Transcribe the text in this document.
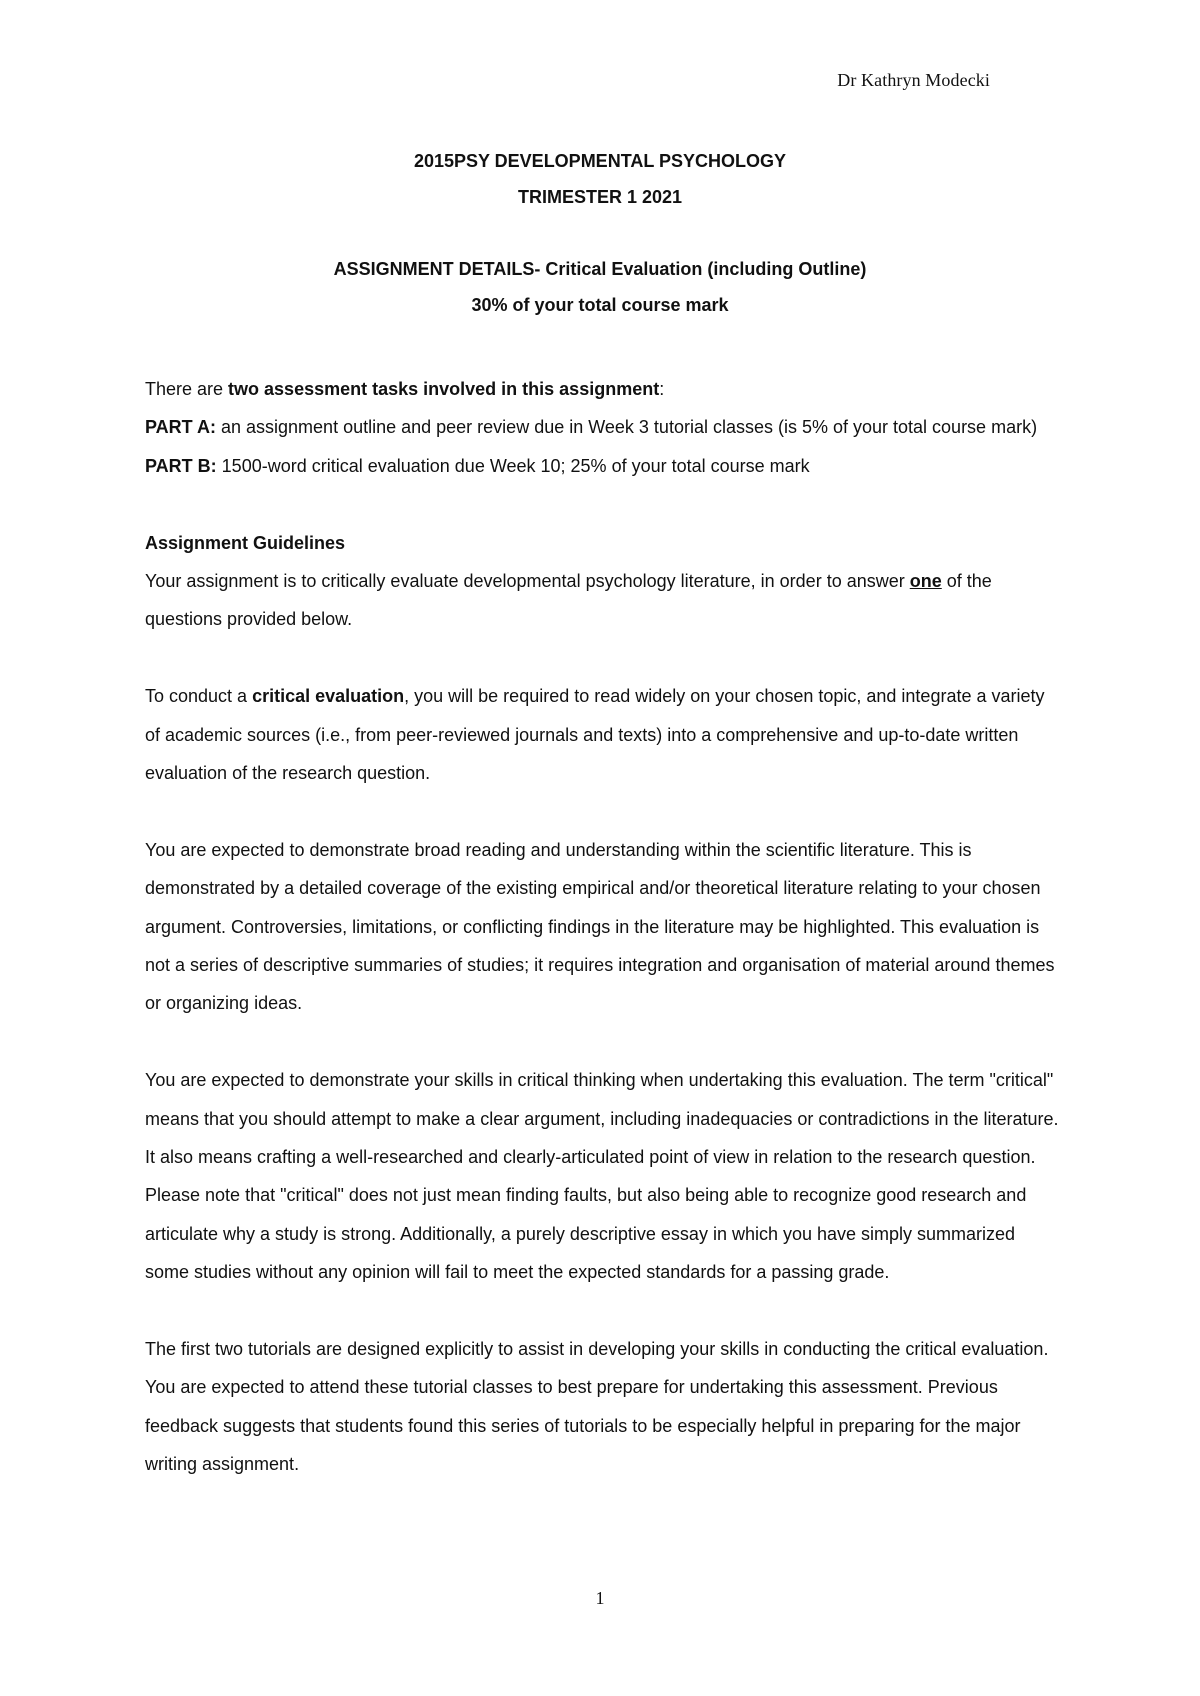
Dr Kathryn Modecki
2015PSY DEVELOPMENTAL PSYCHOLOGY
TRIMESTER 1 2021
ASSIGNMENT DETAILS- Critical Evaluation (including Outline)
30% of your total course mark

There are two assessment tasks involved in this assignment:

PART A: an assignment outline and peer review due in Week 3 tutorial classes (is 5% of your total course mark)

PART B: 1500-word critical evaluation due Week 10; 25% of your total course mark

Assignment Guidelines

Your assignment is to critically evaluate developmental psychology literature, in order to answer one of the questions provided below.

To conduct a critical evaluation, you will be required to read widely on your chosen topic, and integrate a variety of academic sources (i.e., from peer-reviewed journals and texts) into a comprehensive and up-to-date written evaluation of the research question.

You are expected to demonstrate broad reading and understanding within the scientific literature. This is demonstrated by a detailed coverage of the existing empirical and/or theoretical literature relating to your chosen argument. Controversies, limitations, or conflicting findings in the literature may be highlighted. This evaluation is not a series of descriptive summaries of studies; it requires integration and organisation of material around themes or organizing ideas.

You are expected to demonstrate your skills in critical thinking when undertaking this evaluation. The term "critical" means that you should attempt to make a clear argument, including inadequacies or contradictions in the literature. It also means crafting a well-researched and clearly-articulated point of view in relation to the research question. Please note that "critical" does not just mean finding faults, but also being able to recognize good research and articulate why a study is strong. Additionally, a purely descriptive essay in which you have simply summarized some studies without any opinion will fail to meet the expected standards for a passing grade.

The first two tutorials are designed explicitly to assist in developing your skills in conducting the critical evaluation. You are expected to attend these tutorial classes to best prepare for undertaking this assessment. Previous feedback suggests that students found this series of tutorials to be especially helpful in preparing for the major writing assignment.

1
